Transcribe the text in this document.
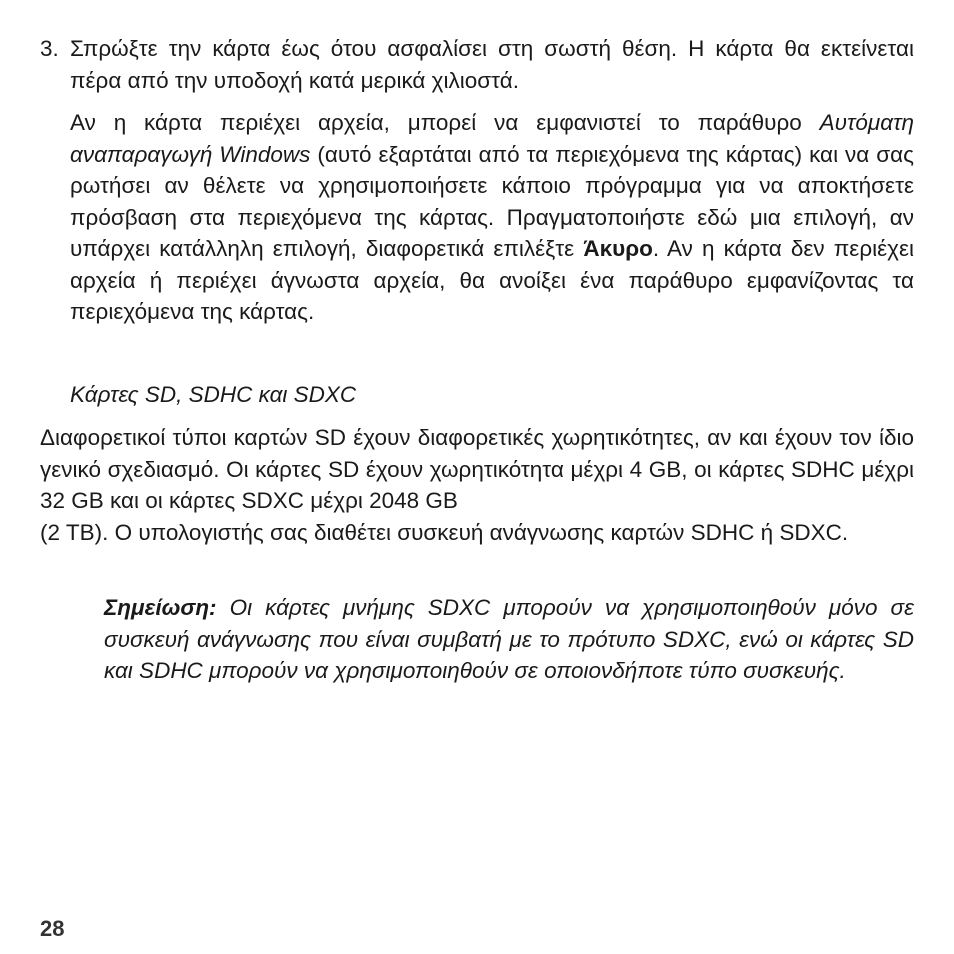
3. Σπρώξτε την κάρτα έως ότου ασφαλίσει στη σωστή θέση. Η κάρτα θα εκτείνεται πέρα από την υποδοχή κατά μερικά χιλιοστά.
Αν η κάρτα περιέχει αρχεία, μπορεί να εμφανιστεί το παράθυρο Αυτόματη αναπαραγωγή Windows (αυτό εξαρτάται από τα περιεχόμενα της κάρτας) και να σας ρωτήσει αν θέλετε να χρησιμοποιήσετε κάποιο πρόγραμμα για να αποκτήσετε πρόσβαση στα περιεχόμενα της κάρτας. Πραγματοποιήστε εδώ μια επιλογή, αν υπάρχει κατάλληλη επιλογή, διαφορετικά επιλέξτε Άκυρο. Αν η κάρτα δεν περιέχει αρχεία ή περιέχει άγνωστα αρχεία, θα ανοίξει ένα παράθυρο εμφανίζοντας τα περιεχόμενα της κάρτας.
Κάρτες SD, SDHC και SDXC
Διαφορετικοί τύποι καρτών SD έχουν διαφορετικές χωρητικότητες, αν και έχουν τον ίδιο γενικό σχεδιασμό. Οι κάρτες SD έχουν χωρητικότητα μέχρι 4 GB, οι κάρτες SDHC μέχρι 32 GB και οι κάρτες SDXC μέχρι 2048 GB
(2 TB). Ο υπολογιστής σας διαθέτει συσκευή ανάγνωσης καρτών SDHC ή SDXC.
Σημείωση: Οι κάρτες μνήμης SDXC μπορούν να χρησιμοποιηθούν μόνο σε συσκευή ανάγνωσης που είναι συμβατή με το πρότυπο SDXC, ενώ οι κάρτες SD και SDHC μπορούν να χρησιμοποιηθούν σε οποιονδήποτε τύπο συσκευής.
28
